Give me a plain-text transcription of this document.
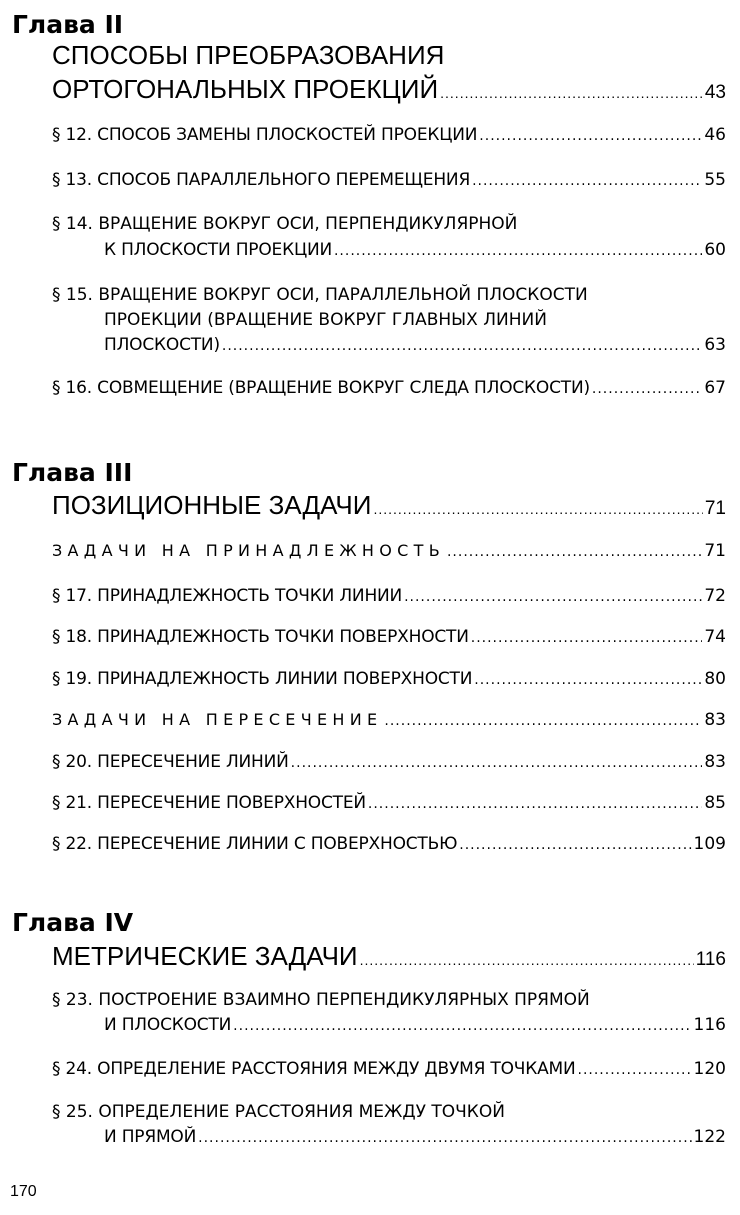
Глава II
СПОСОБЫ ПРЕОБРАЗОВАНИЯ
ОРТОГОНАЛЬНЫХ ПРОЕКЦИЙ .....	43
§ 12. СПОСОБ ЗАМЕНЫ ПЛОСКОСТЕЙ ПРОЕКЦИИ .....	46
§ 13. СПОСОБ ПАРАЛЛЕЛЬНОГО ПЕРЕМЕЩЕНИЯ .....	55
§ 14. ВРАЩЕНИЕ ВОКРУГ ОСИ, ПЕРПЕНДИКУЛЯРНОЙ
К ПЛОСКОСТИ ПРОЕКЦИИ .....	60
§ 15. ВРАЩЕНИЕ ВОКРУГ ОСИ, ПАРАЛЛЕЛЬНОЙ ПЛОСКОСТИ
ПРОЕКЦИИ (ВРАЩЕНИЕ ВОКРУГ ГЛАВНЫХ ЛИНИЙ
ПЛОСКОСТИ) .....	63
§ 16. СОВМЕЩЕНИЕ (ВРАЩЕНИЕ ВОКРУГ СЛЕДА ПЛОСКОСТИ) .....	67
Глава III
ПОЗИЦИОННЫЕ ЗАДАЧИ .....	71
ЗАДАЧИ НА ПРИНАДЛЕЖНОСТЬ .....	71
§ 17. ПРИНАДЛЕЖНОСТЬ ТОЧКИ ЛИНИИ .....	72
§ 18. ПРИНАДЛЕЖНОСТЬ ТОЧКИ ПОВЕРХНОСТИ .....	74
§ 19. ПРИНАДЛЕЖНОСТЬ ЛИНИИ ПОВЕРХНОСТИ .....	80
ЗАДАЧИ НА ПЕРЕСЕЧЕНИЕ .....	83
§ 20. ПЕРЕСЕЧЕНИЕ ЛИНИЙ .....	83
§ 21. ПЕРЕСЕЧЕНИЕ ПОВЕРХНОСТЕЙ .....	85
§ 22. ПЕРЕСЕЧЕНИЕ ЛИНИИ С ПОВЕРХНОСТЬЮ .....	109
Глава IV
МЕТРИЧЕСКИЕ ЗАДАЧИ .....	116
§ 23. ПОСТРОЕНИЕ ВЗАИМНО ПЕРПЕНДИКУЛЯРНЫХ ПРЯМОЙ
И ПЛОСКОСТИ .....	116
§ 24. ОПРЕДЕЛЕНИЕ РАССТОЯНИЯ МЕЖДУ ДВУМЯ ТОЧКАМИ .....	120
§ 25. ОПРЕДЕЛЕНИЕ РАССТОЯНИЯ МЕЖДУ ТОЧКОЙ
И ПРЯМОЙ .....	122
170
